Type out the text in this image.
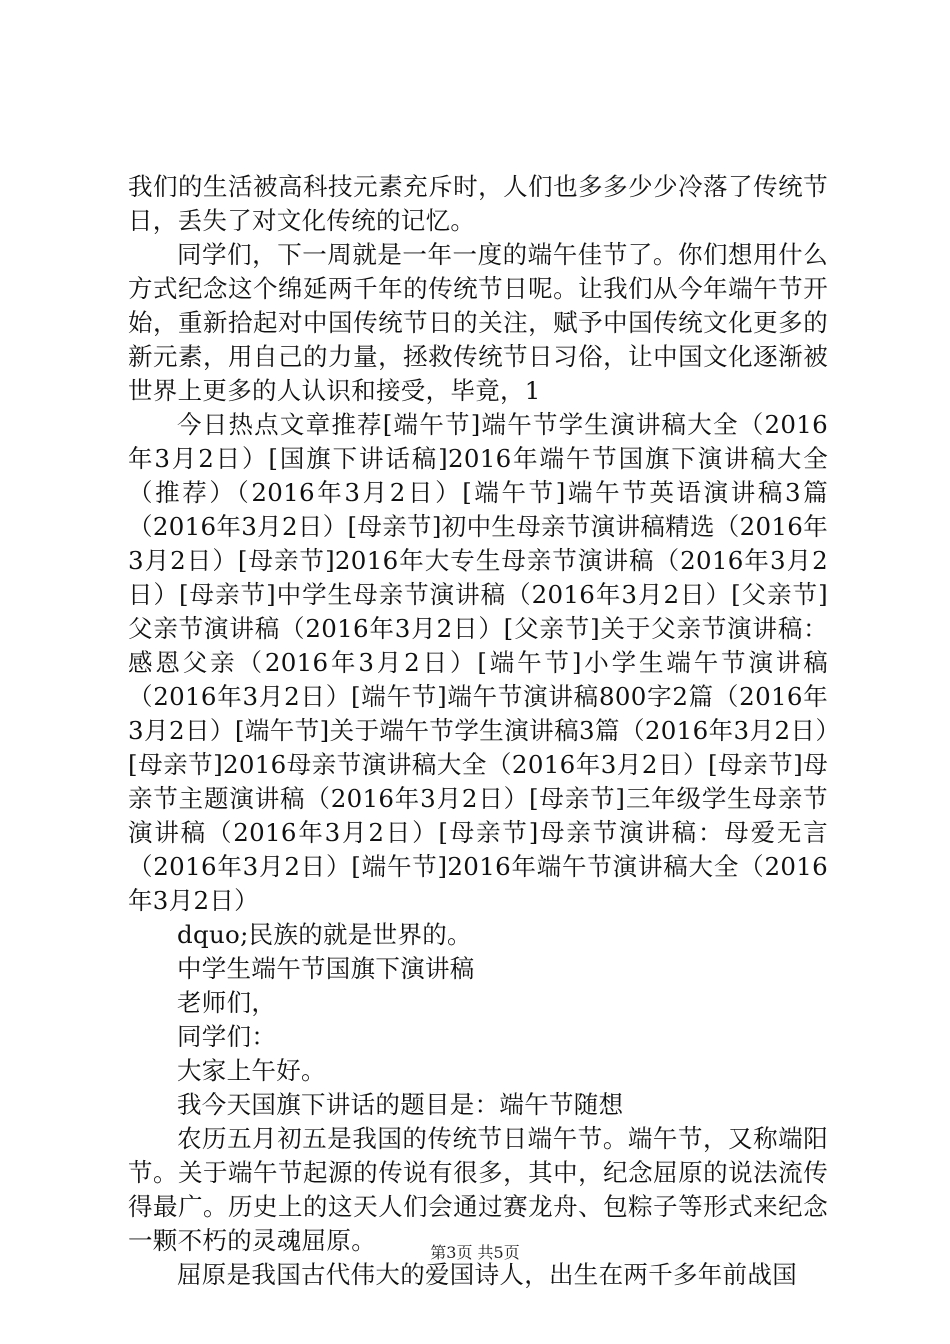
我们的生活被高科技元素充斥时，人们也多多少少冷落了传统节日，丢失了对文化传统的记忆。

同学们，下一周就是一年一度的端午佳节了。你们想用什么方式纪念这个绵延两千年的传统节日呢。让我们从今年端午节开始，重新拾起对中国传统节日的关注，赋予中国传统文化更多的新元素，用自己的力量，拯救传统节日习俗，让中国文化逐渐被世界上更多的人认识和接受，毕竟，1

今日热点文章推荐[端午节]端午节学生演讲稿大全（2016年3月2日）[国旗下讲话稿]2016年端午节国旗下演讲稿大全（推荐）（2016年3月2日）[端午节]端午节英语演讲稿3篇（2016年3月2日）[母亲节]初中生母亲节演讲稿精选（2016年3月2日）[母亲节]2016年大专生母亲节演讲稿（2016年3月2日）[母亲节]中学生母亲节演讲稿（2016年3月2日）[父亲节]父亲节演讲稿（2016年3月2日）[父亲节]关于父亲节演讲稿：感恩父亲（2016年3月2日）[端午节]小学生端午节演讲稿（2016年3月2日）[端午节]端午节演讲稿800字2篇（2016年3月2日）[端午节]关于端午节学生演讲稿3篇（2016年3月2日）[母亲节]2016母亲节演讲稿大全（2016年3月2日）[母亲节]母亲节主题演讲稿（2016年3月2日）[母亲节]三年级学生母亲节演讲稿（2016年3月2日）[母亲节]母亲节演讲稿：母爱无言（2016年3月2日）[端午节]2016年端午节演讲稿大全（2016年3月2日）

dquo;民族的就是世界的。

中学生端午节国旗下演讲稿

老师们，

同学们：

大家上午好。

我今天国旗下讲话的题目是：端午节随想

农历五月初五是我国的传统节日端午节。端午节，又称端阳节。关于端午节起源的传说有很多，其中，纪念屈原的说法流传得最广。历史上的这天人们会通过赛龙舟、包粽子等形式来纪念一颗不朽的灵魂屈原。

屈原是我国古代伟大的爱国诗人，出生在两千多年前战国

第3页 共5页
